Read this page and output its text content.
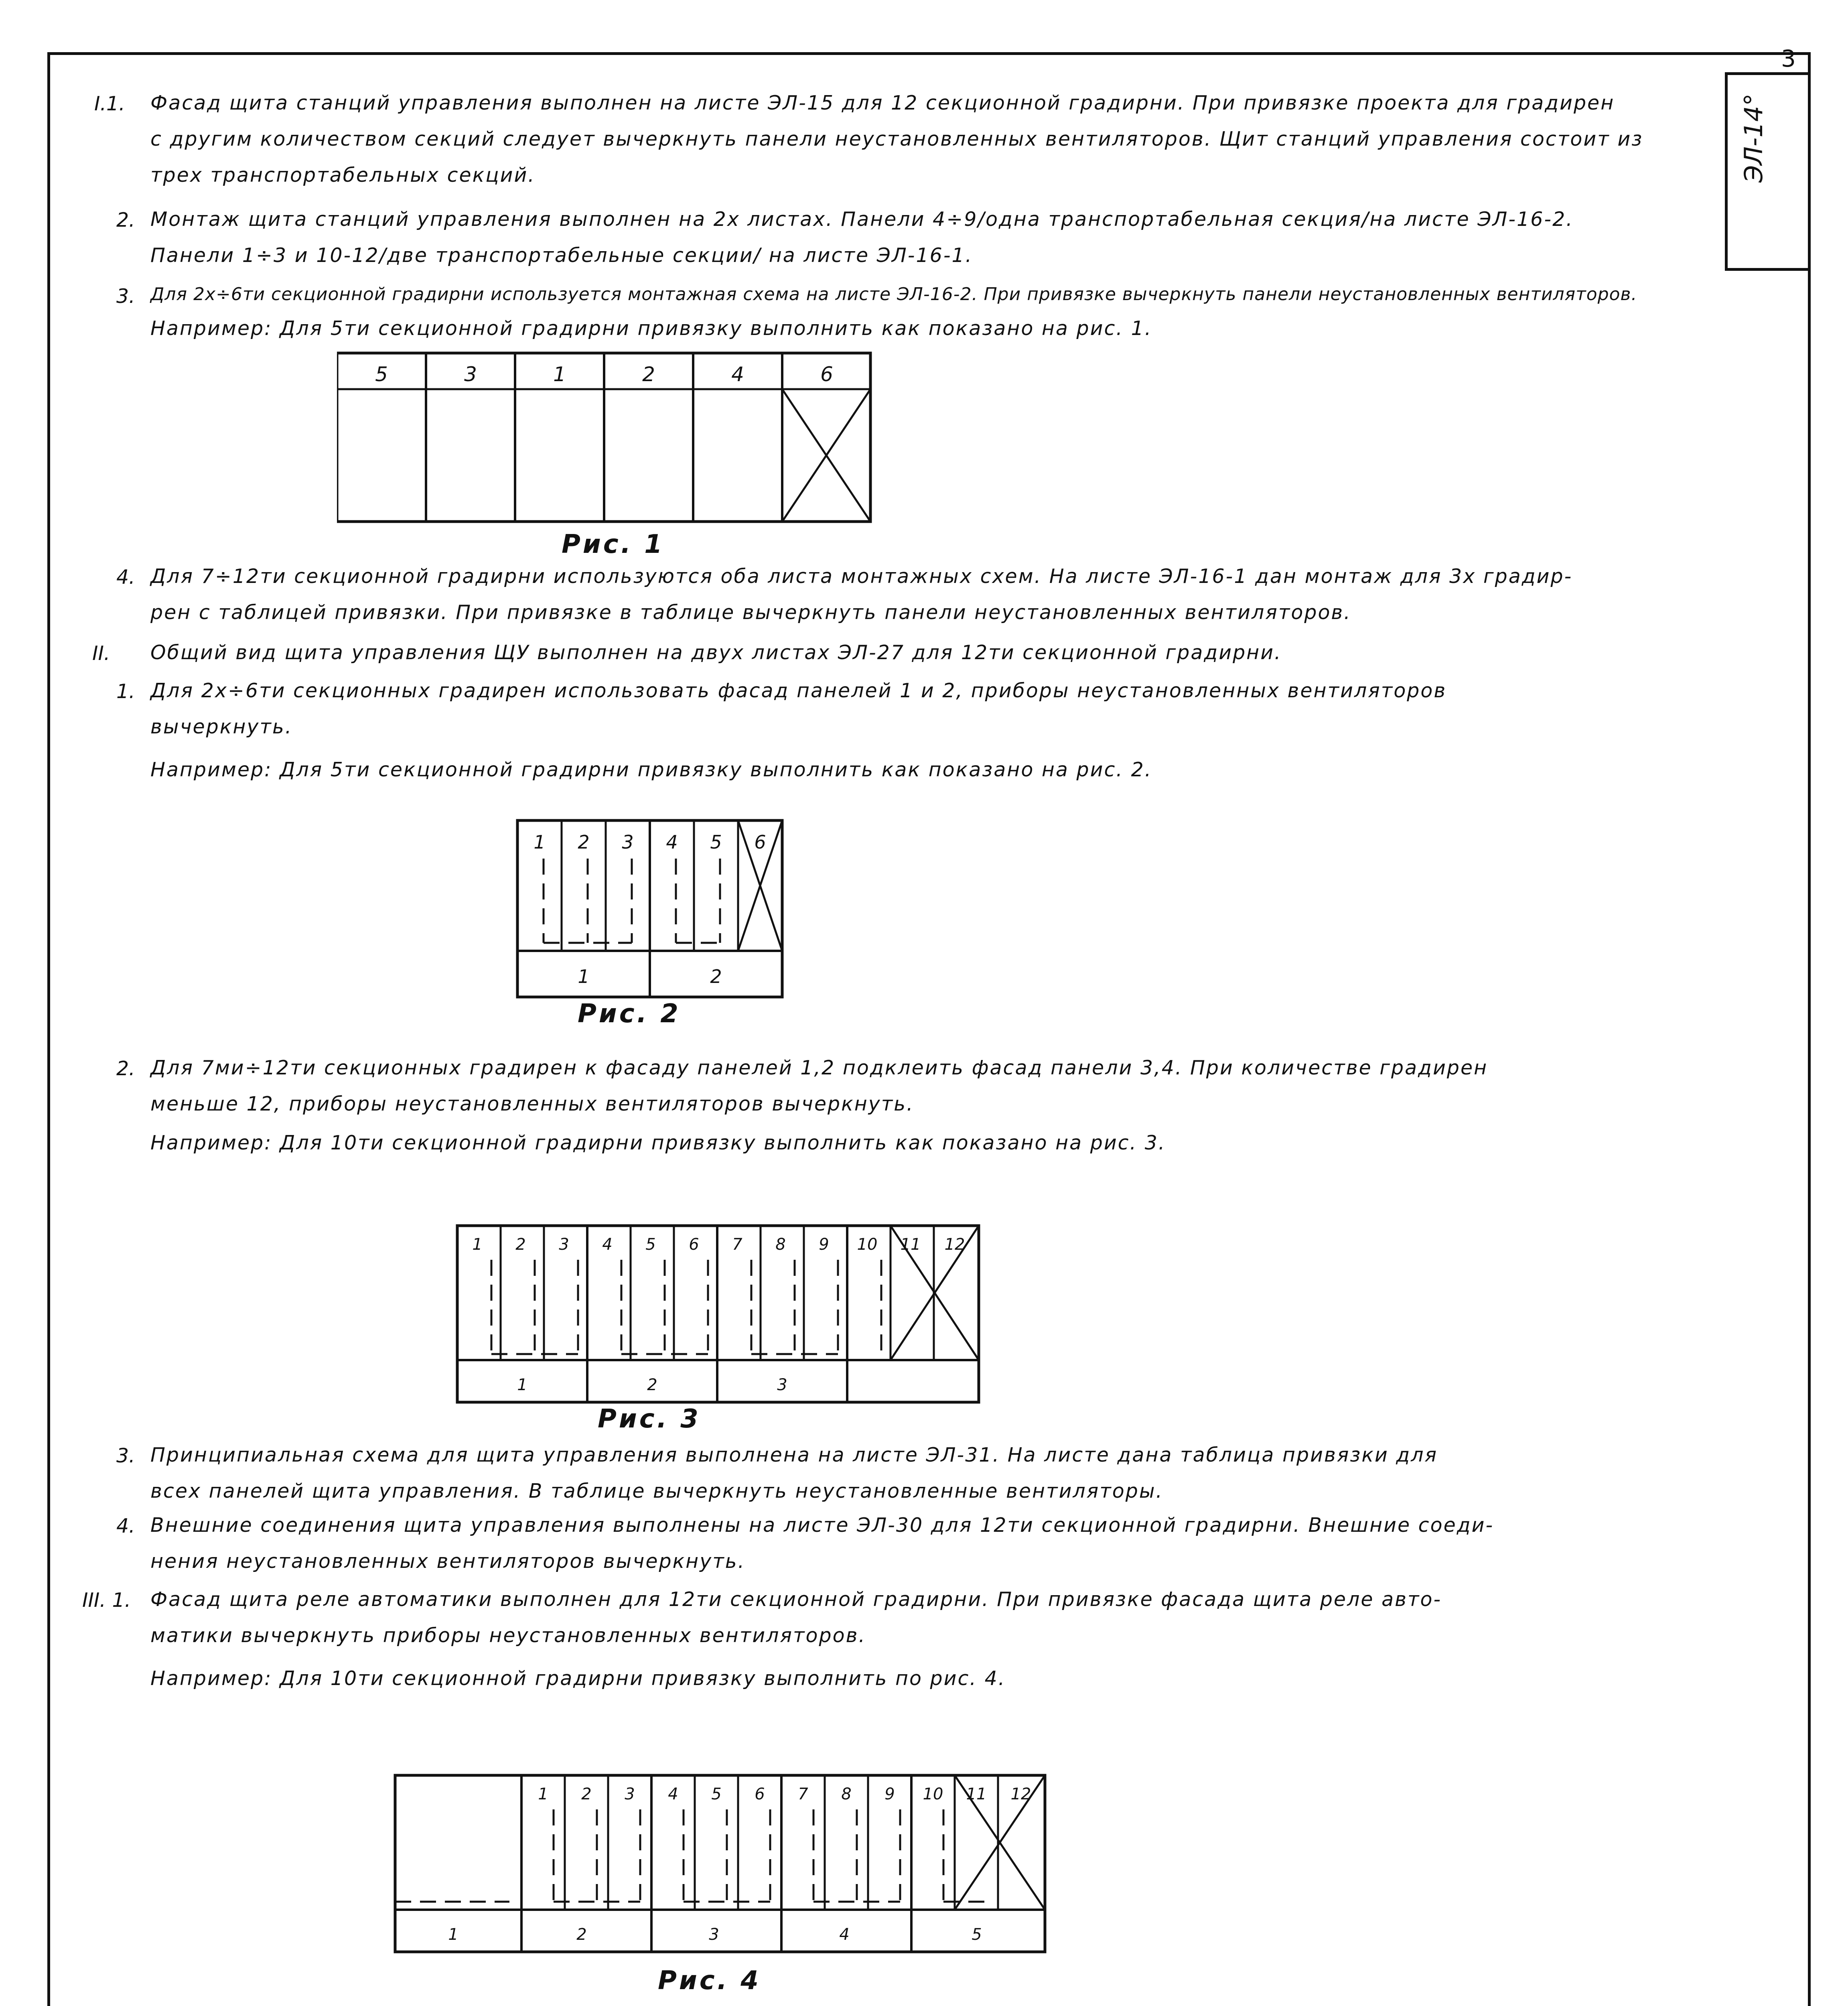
3
ЭЛ-14°
I.1. Фасад щита станций управления выполнен на листе ЭЛ-15 для 12 секционной градирни. При привязке проекта для градирен
с другим количеством секций следует вычеркнуть панели неустановленных вентиляторов. Щит станций управления состоит из
трех транспортабельных секций.
2. Монтаж щита станций управления выполнен на 2х листах. Панели 4÷9/одна транспортабельная секция/на листе ЭЛ-16-2.
Панели 1÷3 и 10-12/две транспортабельные секции/ на листе ЭЛ-16-1.
3. Для 2х÷6ти секционной градирни используется монтажная схема на листе ЭЛ-16-2. При привязке вычеркнуть панели неустановленных вентиляторов.
Например: Для 5ти секционной градирни привязку выполнить как показано на рис. 1.
5	3	1	2	4	6
Рис. 1
4. Для 7÷12ти секционной градирни используются оба листа монтажных схем. На листе ЭЛ-16-1 дан монтаж для 3х градир-
рен с таблицей привязки. При привязке в таблице вычеркнуть панели неустановленных вентиляторов.
II. Общий вид щита управления ЩУ выполнен на двух листах ЭЛ-27 для 12ти секционной градирни.
1. Для 2х÷6ти секционных градирен использовать фасад панелей 1 и 2, приборы неустановленных вентиляторов
вычеркнуть.
Например: Для 5ти секционной градирни привязку выполнить как показано на рис. 2.
1 2 3 4 5 6
1	2
Рис. 2
2. Для 7ми÷12ти секционных градирен к фасаду панелей 1,2 подклеить фасад панели 3,4. При количестве градирен
меньше 12, приборы неустановленных вентиляторов вычеркнуть.
Например: Для 10ти секционной градирни привязку выполнить как показано на рис. 3.
1 2 3 4 5 6 7 8 9 10 11 12
1	2	3
Рис. 3
3. Принципиальная схема для щита управления выполнена на листе ЭЛ-31. На листе дана таблица привязки для
всех панелей щита управления. В таблице вычеркнуть неустановленные вентиляторы.
4. Внешние соединения щита управления выполнены на листе ЭЛ-30 для 12ти секционной градирни. Внешние соеди-
нения неустановленных вентиляторов вычеркнуть.
III. 1. Фасад щита реле автоматики выполнен для 12ти секционной градирни. При привязке фасада щита реле авто-
матики вычеркнуть приборы неустановленных вентиляторов.
Например: Для 10ти секционной градирни привязку выполнить по рис. 4.
1 2 3 4 5 6 7 8 9 10 11 12
1	2	3	4	5
Рис. 4
